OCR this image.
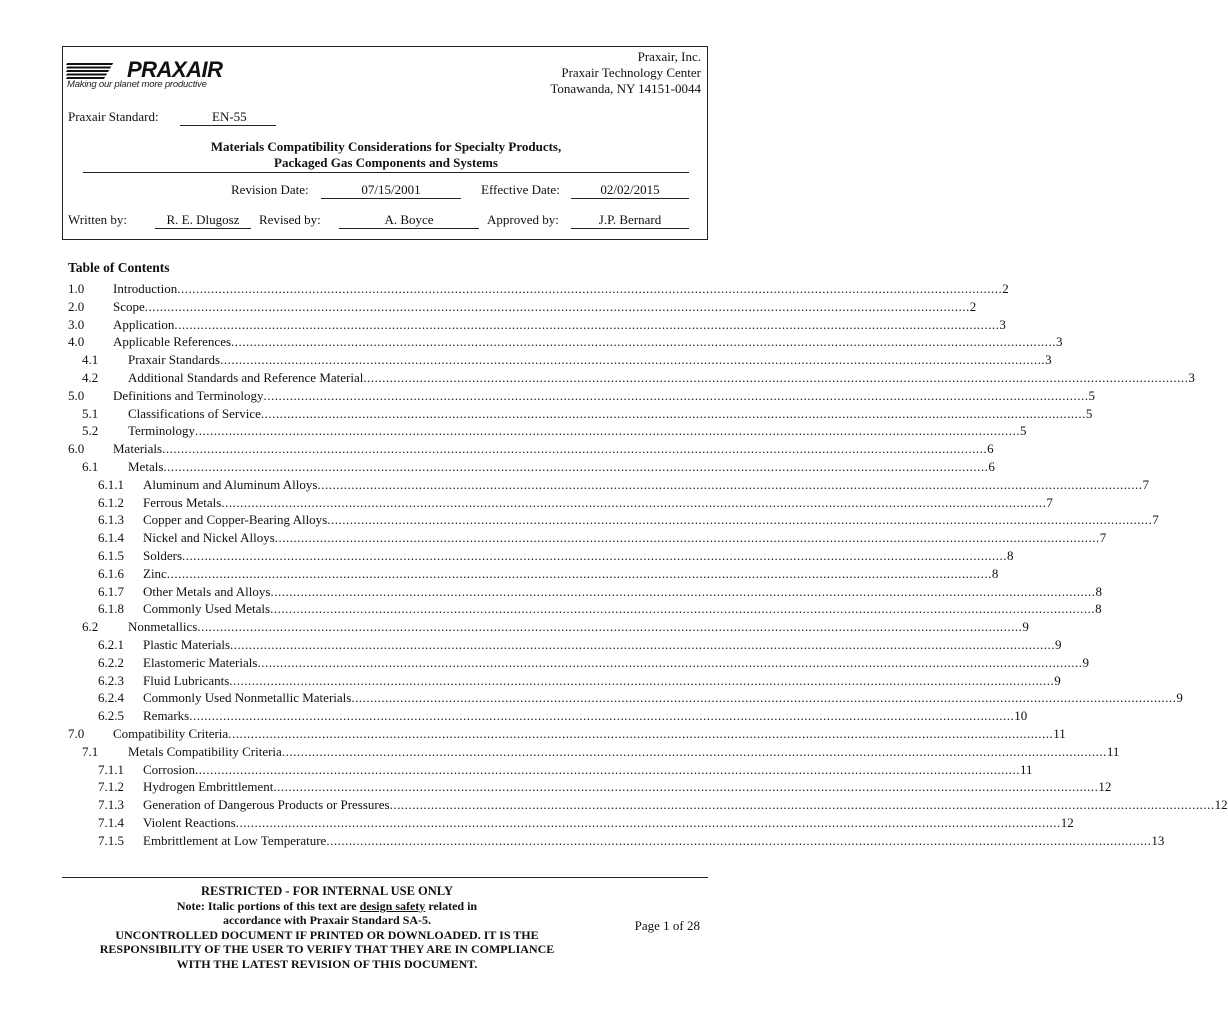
PRAXAIR
Making our planet more productive
Praxair, Inc.
Praxair Technology Center
Tonawanda, NY 14151-0044
Praxair Standard:	EN-55
Materials Compatibility Considerations for Specialty Products,
Packaged Gas Components and Systems
Revision Date:	07/15/2001	Effective Date:	02/02/2015
Written by:	R. E. Dlugosz	Revised by:	A. Boyce	Approved by:	J.P. Bernard
Table of Contents
1.0 Introduction ............................................................................................................................................................................................................................ 2
2.0 Scope ............................................................................................................................................................................................................................ 2
3.0 Application ............................................................................................................................................................................................................................ 3
4.0 Applicable References ............................................................................................................................................................................................................................ 3
4.1 Praxair Standards ............................................................................................................................................................................................................................ 3
4.2 Additional Standards and Reference Material ............................................................................................................................................................................................................................ 3
5.0 Definitions and Terminology ............................................................................................................................................................................................................................ 5
5.1 Classifications of Service ............................................................................................................................................................................................................................ 5
5.2 Terminology ............................................................................................................................................................................................................................ 5
6.0 Materials ............................................................................................................................................................................................................................ 6
6.1 Metals ............................................................................................................................................................................................................................ 6
6.1.1 Aluminum and Aluminum Alloys ............................................................................................................................................................................................................................ 7
6.1.2 Ferrous Metals ............................................................................................................................................................................................................................ 7
6.1.3 Copper and Copper-Bearing Alloys ............................................................................................................................................................................................................................ 7
6.1.4 Nickel and Nickel Alloys ............................................................................................................................................................................................................................ 7
6.1.5 Solders ............................................................................................................................................................................................................................ 8
6.1.6 Zinc ............................................................................................................................................................................................................................ 8
6.1.7 Other Metals and Alloys ............................................................................................................................................................................................................................ 8
6.1.8 Commonly Used Metals ............................................................................................................................................................................................................................ 8
6.2 Nonmetallics ............................................................................................................................................................................................................................ 9
6.2.1 Plastic Materials ............................................................................................................................................................................................................................ 9
6.2.2 Elastomeric Materials ............................................................................................................................................................................................................................ 9
6.2.3 Fluid Lubricants ............................................................................................................................................................................................................................ 9
6.2.4 Commonly Used Nonmetallic Materials ............................................................................................................................................................................................................................ 9
6.2.5 Remarks ............................................................................................................................................................................................................................ 10
7.0 Compatibility Criteria ............................................................................................................................................................................................................................ 11
7.1 Metals Compatibility Criteria ............................................................................................................................................................................................................................ 11
7.1.1 Corrosion ............................................................................................................................................................................................................................ 11
7.1.2 Hydrogen Embrittlement ............................................................................................................................................................................................................................ 12
7.1.3 Generation of Dangerous Products or Pressures ............................................................................................................................................................................................................................ 12
7.1.4 Violent Reactions ............................................................................................................................................................................................................................ 12
7.1.5 Embrittlement at Low Temperature ............................................................................................................................................................................................................................ 13
RESTRICTED - FOR INTERNAL USE ONLY
Note: Italic portions of this text are design safety related in
accordance with Praxair Standard SA-5.
UNCONTROLLED DOCUMENT IF PRINTED OR DOWNLOADED. IT IS THE
RESPONSIBILITY OF THE USER TO VERIFY THAT THEY ARE IN COMPLIANCE
WITH THE LATEST REVISION OF THIS DOCUMENT.
Page 1 of 28
